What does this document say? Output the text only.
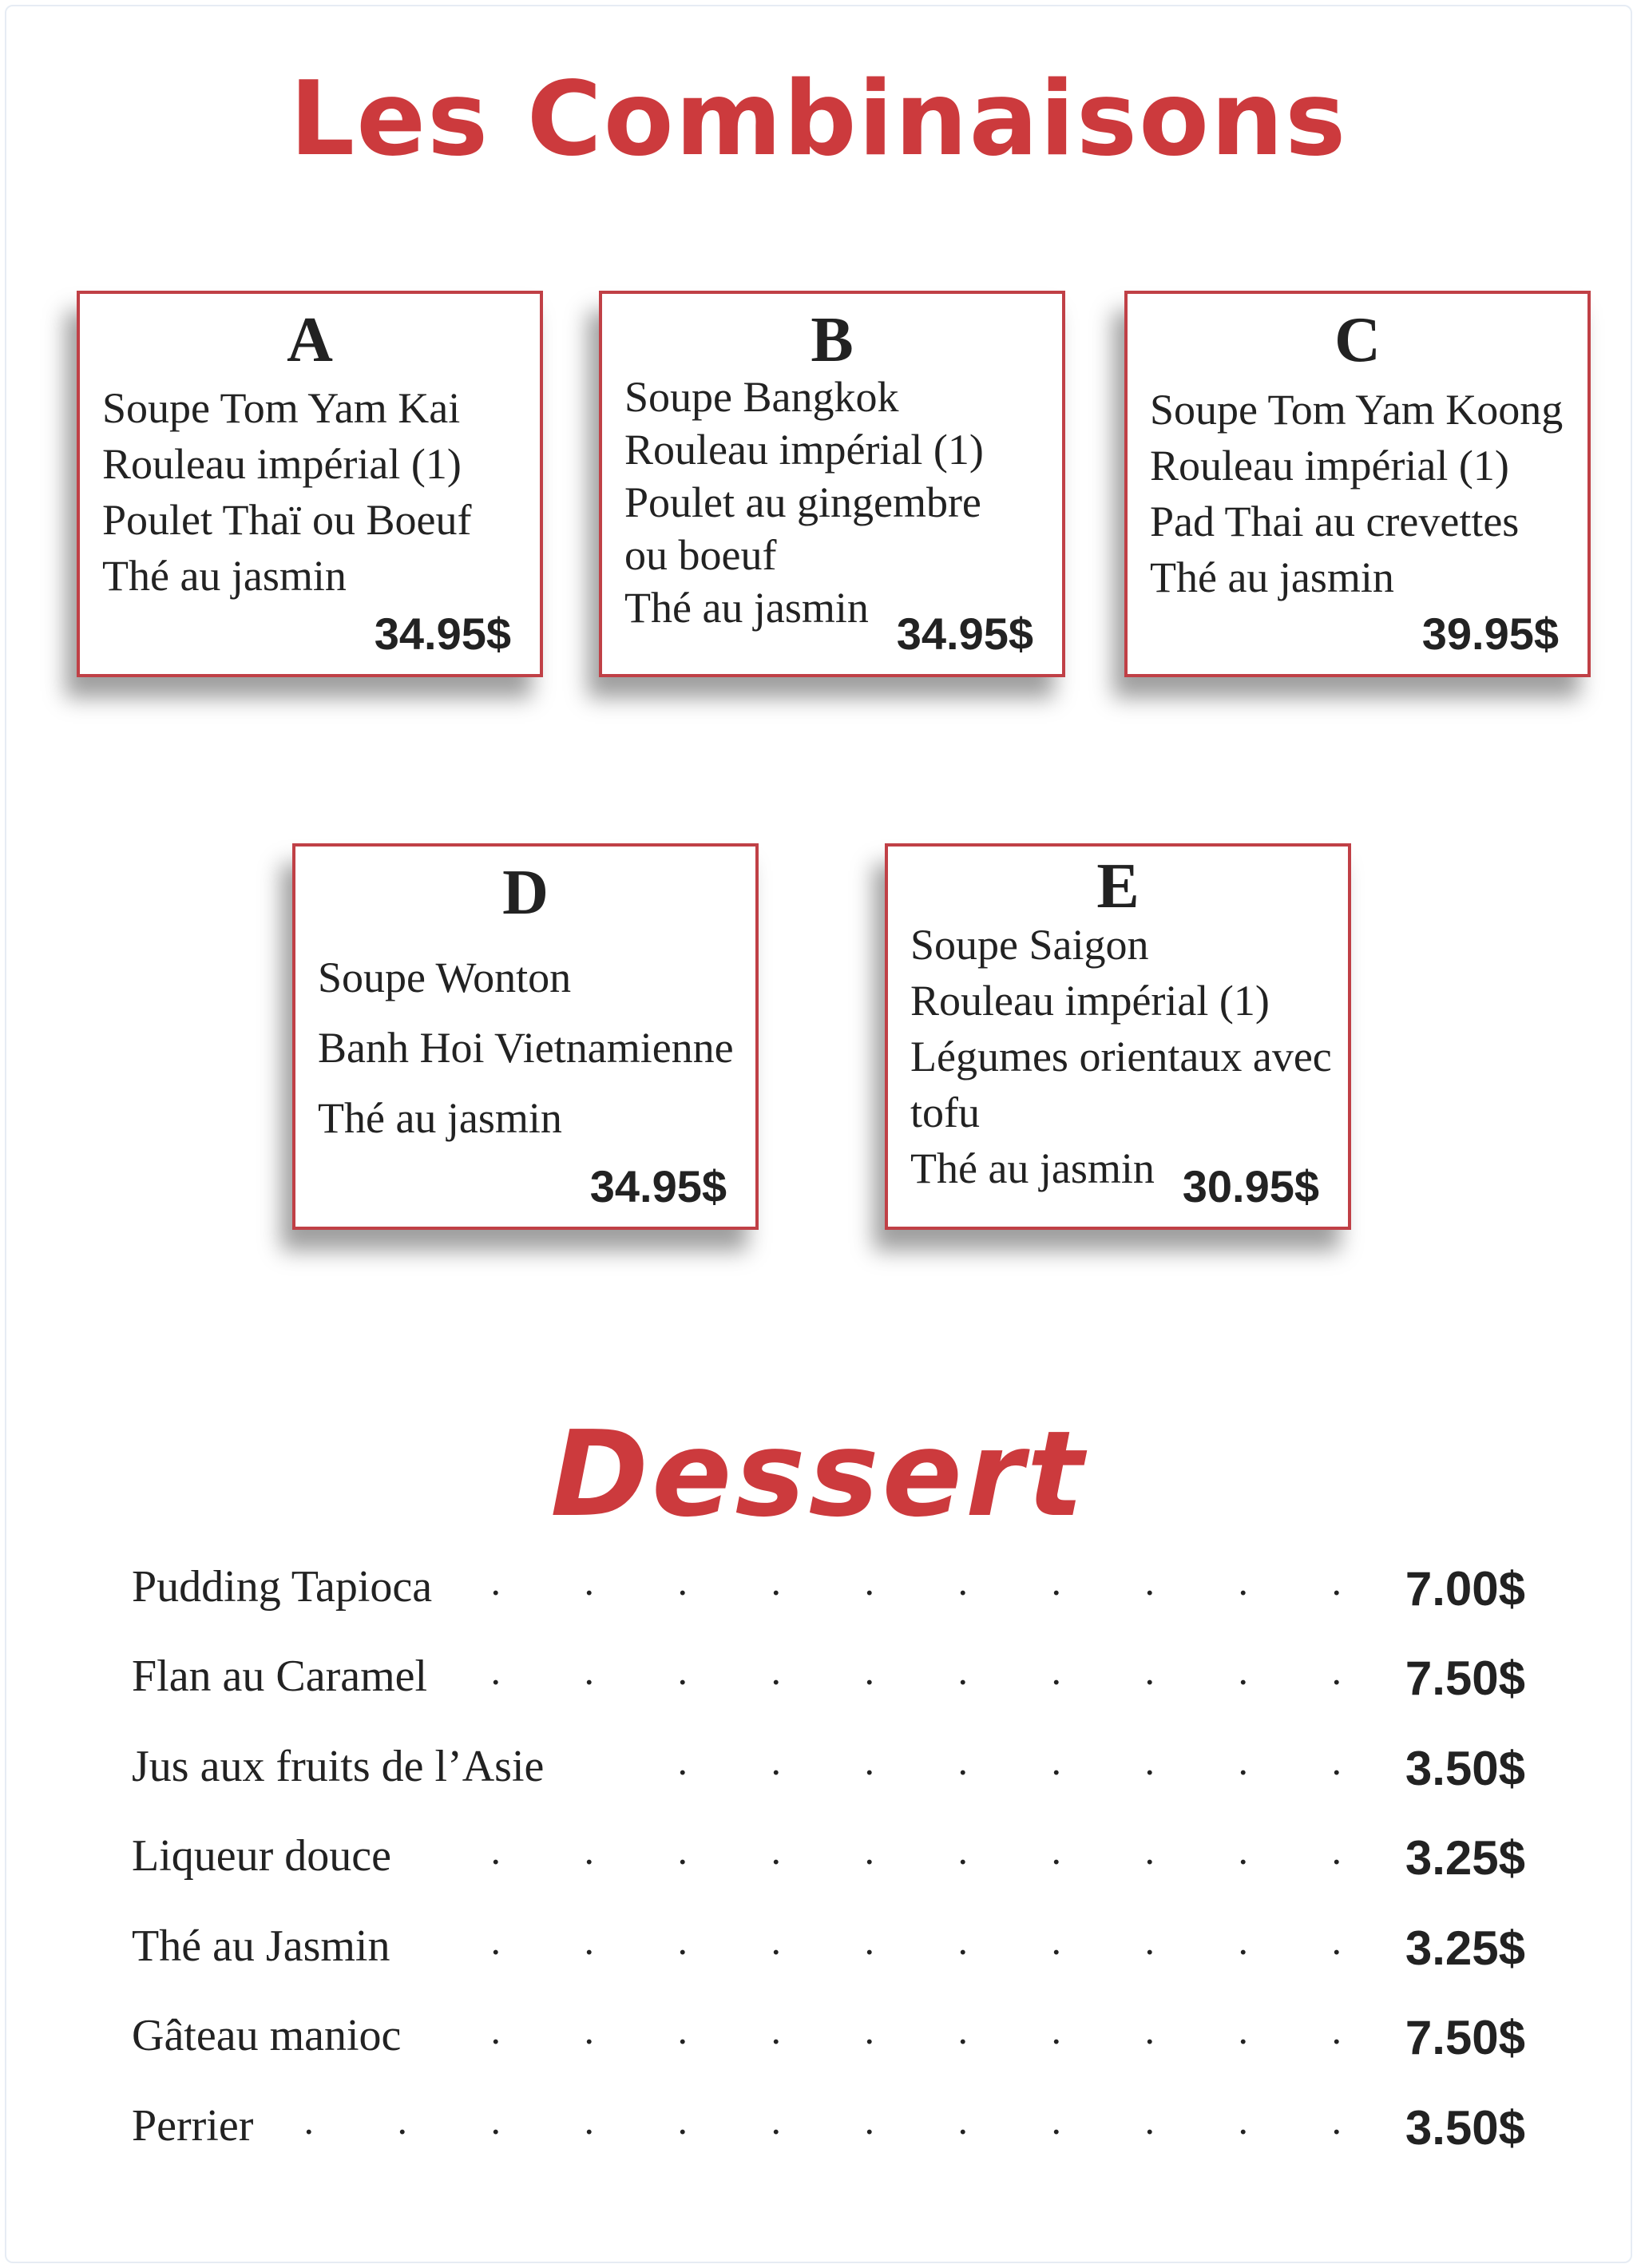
Les Combinaisons
A
Soupe Tom Yam Kai
Rouleau impérial (1)
Poulet Thaï ou Boeuf
Thé au jasmin
34.95$
B
Soupe Bangkok
Rouleau impérial (1)
Poulet au gingembre
ou boeuf
Thé au jasmin
34.95$
C
Soupe Tom Yam Koong
Rouleau impérial (1)
Pad Thai au crevettes
Thé au jasmin
39.95$
D
Soupe Wonton
Banh Hoi Vietnamienne
Thé au jasmin
34.95$
E
Soupe Saigon
Rouleau impérial (1)
Légumes orientaux avec
tofu
Thé au jasmin 30.95$
Dessert
Pudding Tapioca	.	.	.	.	.	.	.	.	.	. 7.00$
Flan au Caramel	.	.	.	.	.	.	.	.	.	. 7.50$
Jus aux fruits de l’Asie	.	.	.	.	.	.	.	. 3.50$
Liqueur douce	.	.	.	.	.	.	.	.	.	. 3.25$
Thé au Jasmin	.	.	.	.	.	.	.	.	.	. 3.25$
Gâteau manioc	.	.	.	.	.	.	.	.	.	. 7.50$
Perrier	.	.	.	.	.	.	.	.	.	.	.	. 3.50$
